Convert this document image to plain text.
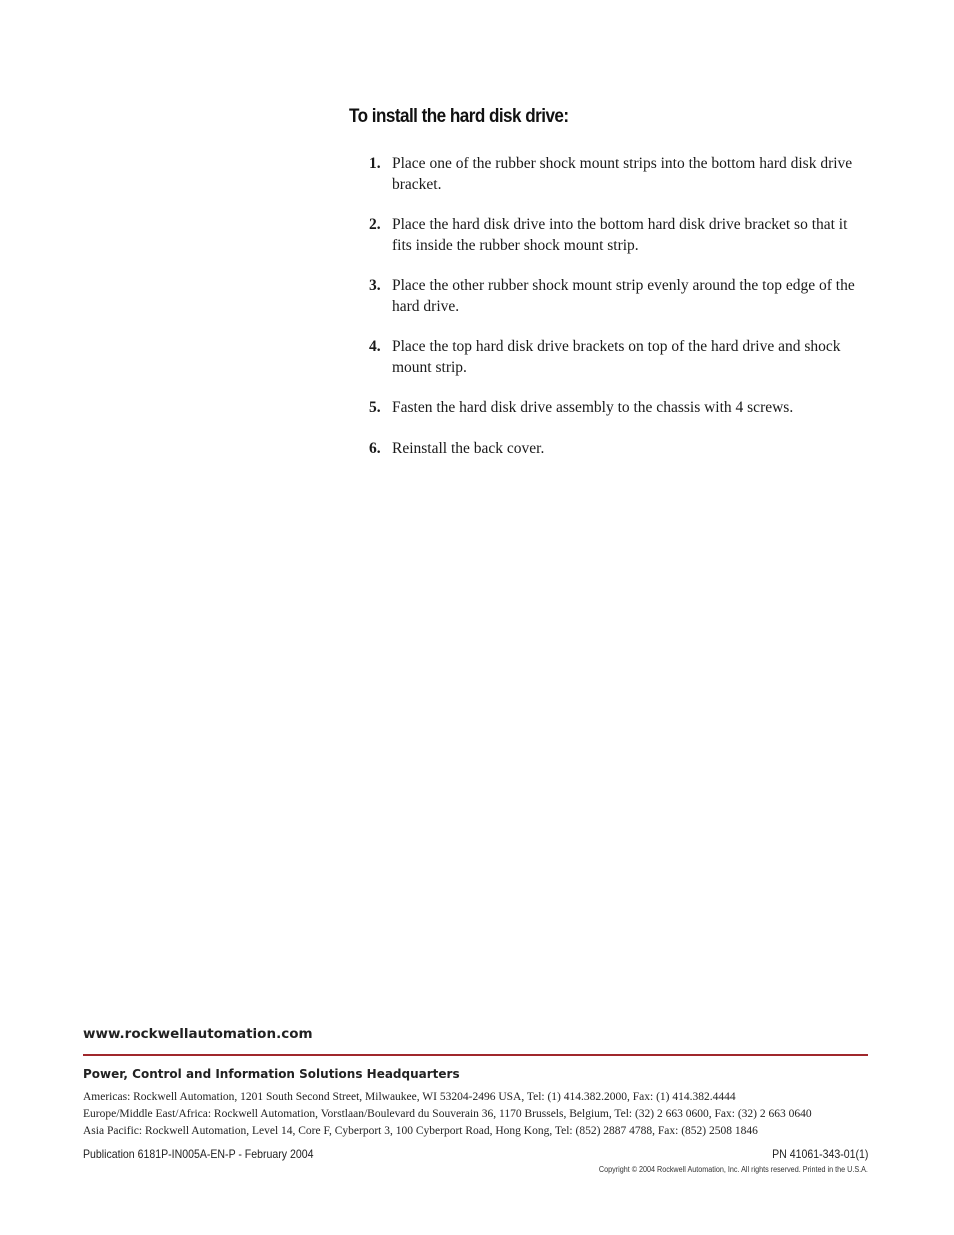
To install the hard disk drive:
1. Place one of the rubber shock mount strips into the bottom hard disk drive bracket.
2. Place the hard disk drive into the bottom hard disk drive bracket so that it fits inside the rubber shock mount strip.
3. Place the other rubber shock mount strip evenly around the top edge of the hard drive.
4. Place the top hard disk drive brackets on top of the hard drive and shock mount strip.
5. Fasten the hard disk drive assembly to the chassis with 4 screws.
6. Reinstall the back cover.
www.rockwellautomation.com
Power, Control and Information Solutions Headquarters
Americas: Rockwell Automation, 1201 South Second Street, Milwaukee, WI 53204-2496 USA, Tel: (1) 414.382.2000, Fax: (1) 414.382.4444
Europe/Middle East/Africa: Rockwell Automation, Vorstlaan/Boulevard du Souverain 36, 1170 Brussels, Belgium, Tel: (32) 2 663 0600, Fax: (32) 2 663 0640
Asia Pacific: Rockwell Automation, Level 14, Core F, Cyberport 3, 100 Cyberport Road, Hong Kong, Tel: (852) 2887 4788, Fax: (852) 2508 1846
Publication 6181P-IN005A-EN-P - February 2004	PN 41061-343-01(1)
Copyright © 2004 Rockwell Automation, Inc. All rights reserved. Printed in the U.S.A.
